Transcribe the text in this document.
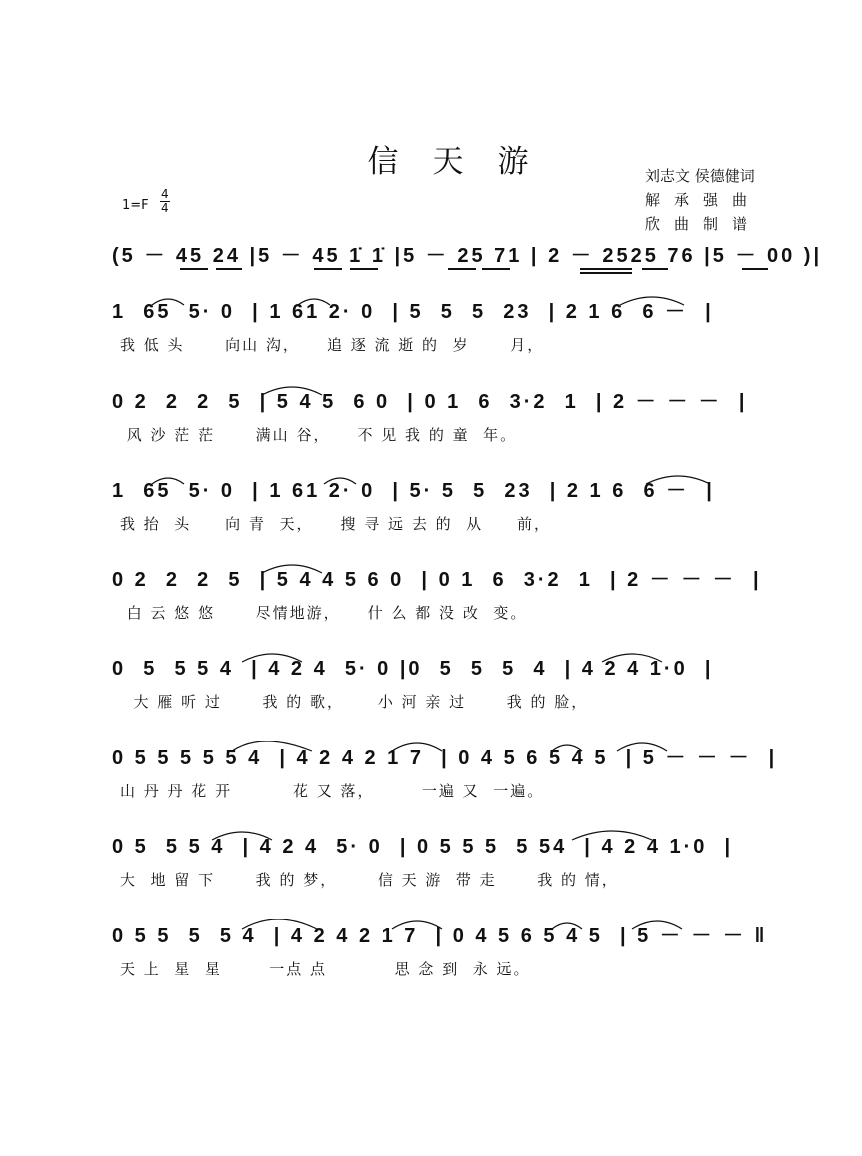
信天游	刘志文 侯德健词
解承强曲
欣曲制谱
1=F
4
4
(5 － 45 24 |5 － 45 1̇ 1̇ |5 － 25 71 | 2 － 2525 76 |5 － 00 )|
1  65  5· 0  | 1 61 2· 0  | 5  5  5  23  | 2 1 6  6 －  |
我 低 头      向山 沟，    追 逐 流 逝 的  岁      月，
0 2  2  2  5  | 5 4 5  6 0  | 0 1  6  3·2  1  | 2 － － －  |
风 沙 茫 茫      满山 谷，    不 见 我 的 童  年。
1  65  5· 0  | 1 61 2· 0  | 5· 5  5  23  | 2 1 6  6 －  |
我 抬  头     向 青  天，    搜 寻 远 去 的  从     前，
0 2  2  2  5  | 5 4 4 5 6 0  | 0 1  6  3·2  1  | 2 － － －  |
白 云 悠 悠      尽情地游，    什 么 都 没 改  变。
0  5  5 5 4  | 4 2 4  5· 0 |0  5  5  5  4  | 4 2 4 1·0  |
大 雁 听 过      我 的 歌，     小 河 亲 过      我 的 脸，
0 5 5 5 5 5 4  | 4 2 4 2 1 7  | 0 4 5 6 5 4 5  | 5 － － －  |
山 丹 丹 花 开         花 又 落，       一遍 又  一遍。
0 5  5 5 4  | 4 2 4  5· 0  | 0 5 5 5  5 54  | 4 2 4 1·0  |
大  地 留 下      我 的 梦，      信 天 游  带 走      我 的 情，
0 5 5  5  5 4  | 4 2 4 2 1 7  | 0 4 5 6 5 4 5  | 5 － － － ‖
天 上  星  星       一点 点          思 念 到  永 远。
